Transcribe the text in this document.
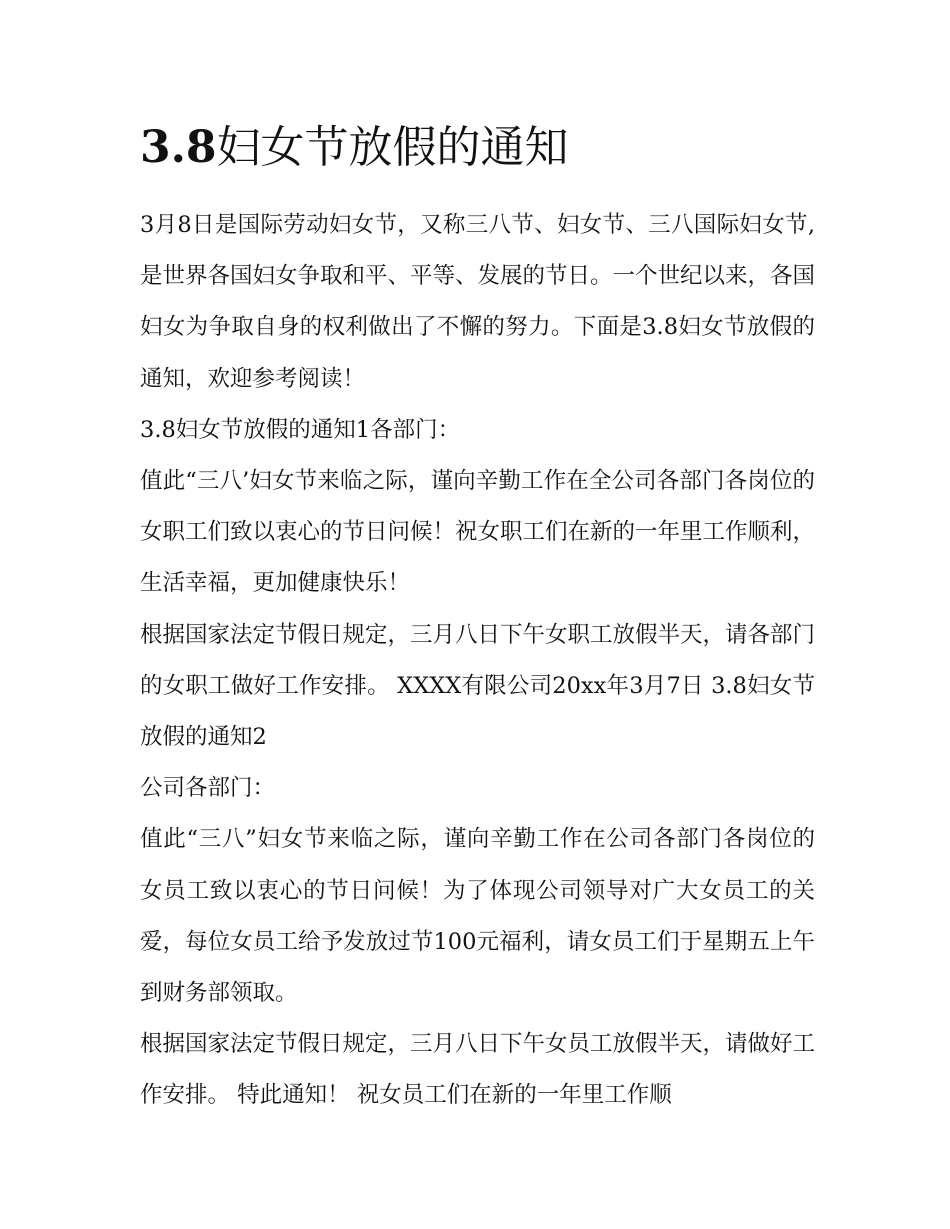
3.8妇女节放假的通知

3月8日是国际劳动妇女节，又称三八节、妇女节、三八国际妇女节,是世界各国妇女争取和平、平等、发展的节日。一个世纪以来，各国妇女为争取自身的权利做出了不懈的努力。下面是3.8妇女节放假的通知，欢迎参考阅读！

3.8妇女节放假的通知1各部门：

值此“三八’妇女节来临之际，谨向辛勤工作在全公司各部门各岗位的女职工们致以衷心的节日问候！祝女职工们在新的一年里工作顺利，生活幸福，更加健康快乐！

根据国家法定节假日规定，三月八日下午女职工放假半天，请各部门的女职工做好工作安排。 XXXX有限公司20xx年3月7日 3.8妇女节放假的通知2

公司各部门：

值此“三八”妇女节来临之际，谨向辛勤工作在公司各部门各岗位的女员工致以衷心的节日问候！为了体现公司领导对广大女员工的关爱，每位女员工给予发放过节100元福利，请女员工们于星期五上午到财务部领取。

根据国家法定节假日规定，三月八日下午女员工放假半天，请做好工作安排。 特此通知！ 祝女员工们在新的一年里工作顺
